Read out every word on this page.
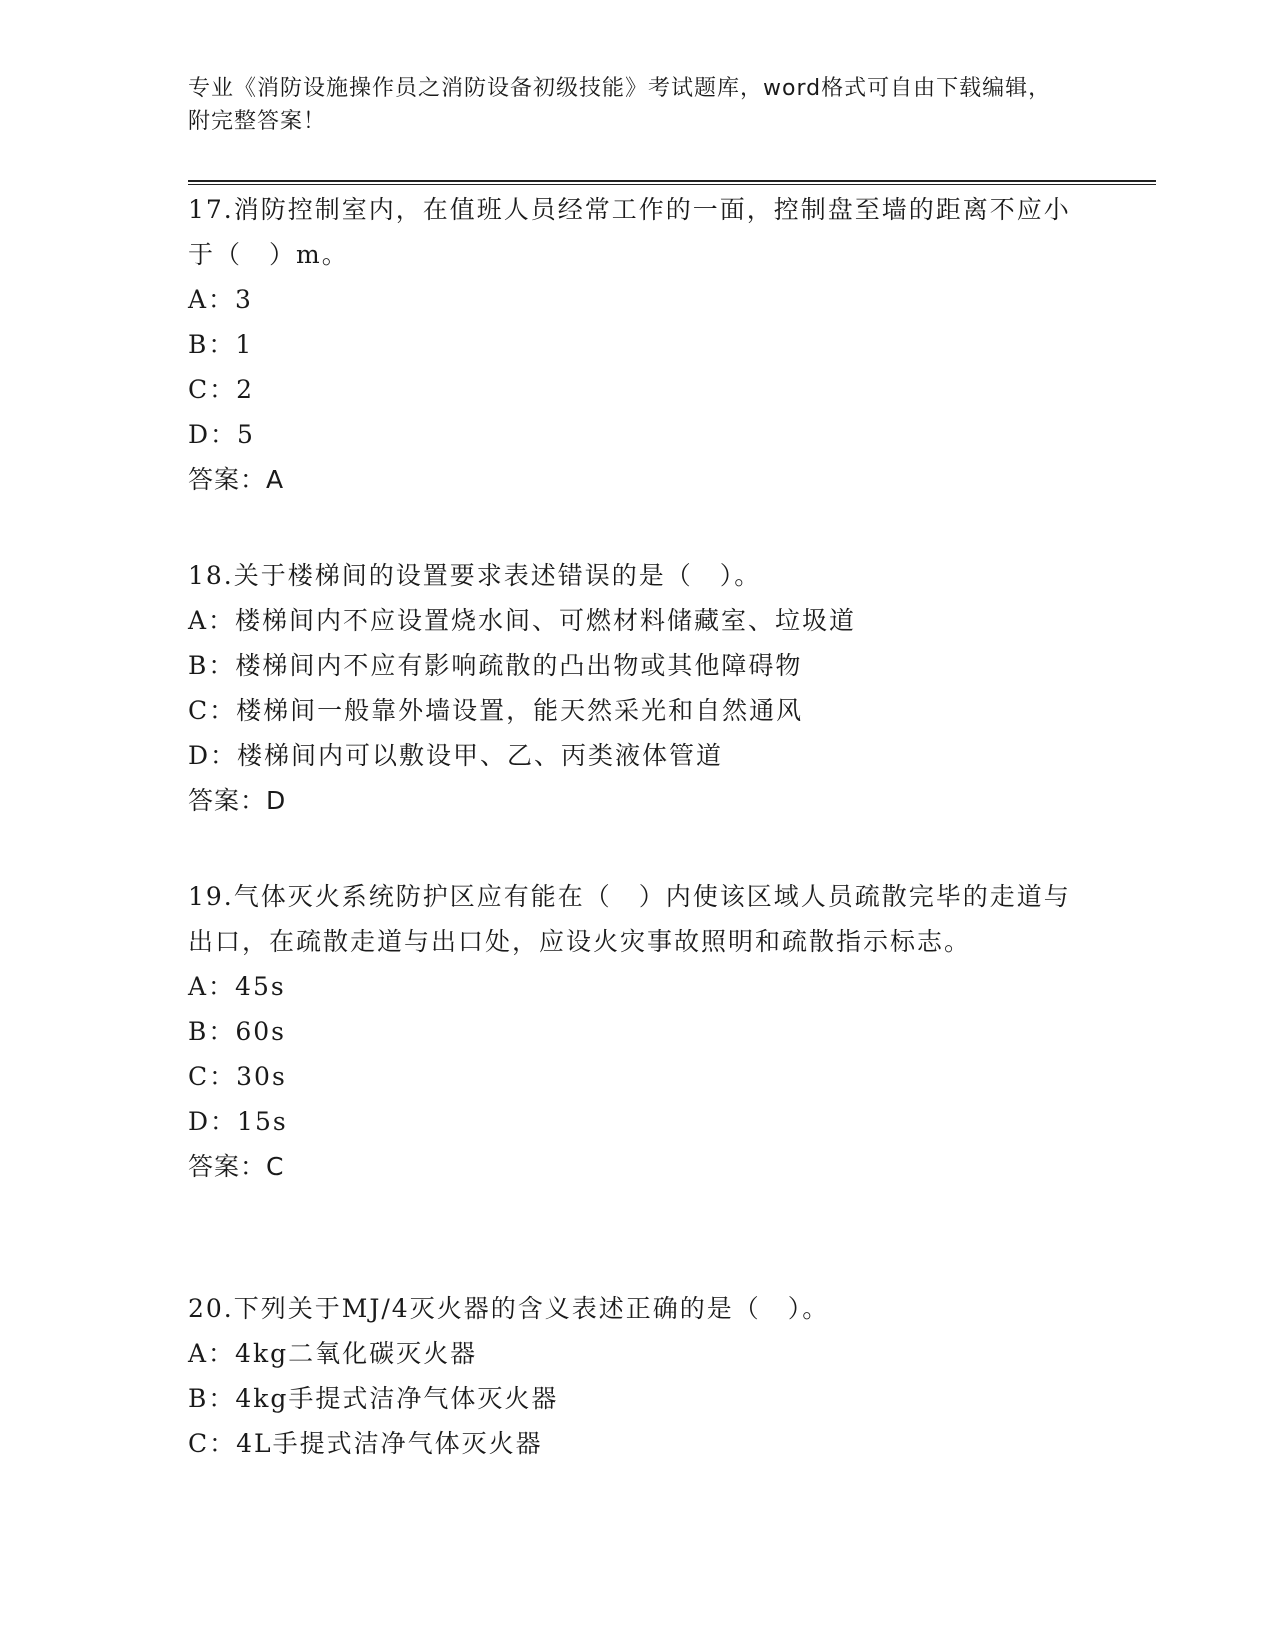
专业《消防设施操作员之消防设备初级技能》考试题库，word格式可自由下载编辑，附完整答案！
17.消防控制室内，在值班人员经常工作的一面，控制盘至墙的距离不应小于（　）m。
A：3
B：1
C：2
D：5
答案：A
18.关于楼梯间的设置要求表述错误的是（　）。
A：楼梯间内不应设置烧水间、可燃材料储藏室、垃圾道
B：楼梯间内不应有影响疏散的凸出物或其他障碍物
C：楼梯间一般靠外墙设置，能天然采光和自然通风
D：楼梯间内可以敷设甲、乙、丙类液体管道
答案：D
19.气体灭火系统防护区应有能在（　）内使该区域人员疏散完毕的走道与出口，在疏散走道与出口处，应设火灾事故照明和疏散指示标志。
A：45s
B：60s
C：30s
D：15s
答案：C
20.下列关于MJ/4灭火器的含义表述正确的是（　）。
A：4kg二氧化碳灭火器
B：4kg手提式洁净气体灭火器
C：4L手提式洁净气体灭火器
